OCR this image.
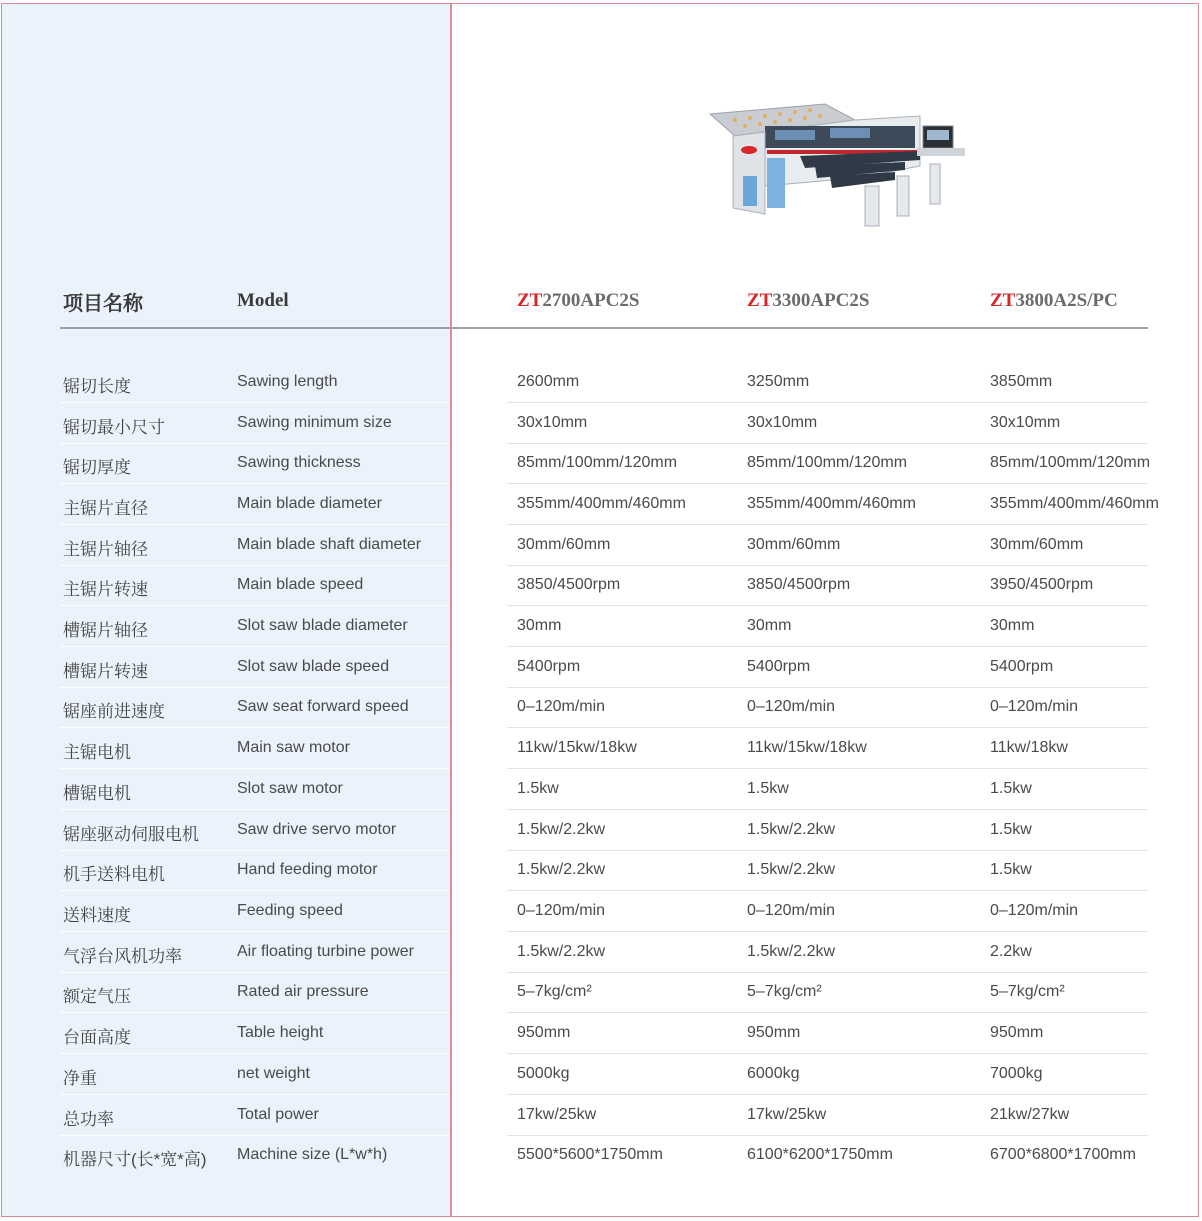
项目名称	Model	ZT2700APC2S	ZT3300APC2S	ZT3800A2S/PC
锯切长度	Sawing length	2600mm	3250mm	3850mm
锯切最小尺寸	Sawing minimum size	30x10mm	30x10mm	30x10mm
锯切厚度	Sawing thickness	85mm/100mm/120mm	85mm/100mm/120mm	85mm/100mm/120mm
主锯片直径	Main blade diameter	355mm/400mm/460mm	355mm/400mm/460mm	355mm/400mm/460mm
主锯片轴径	Main blade shaft diameter	30mm/60mm	30mm/60mm	30mm/60mm
主锯片转速	Main blade speed	3850/4500rpm	3850/4500rpm	3950/4500rpm
槽锯片轴径	Slot saw blade diameter	30mm	30mm	30mm
槽锯片转速	Slot saw blade speed	5400rpm	5400rpm	5400rpm
锯座前进速度	Saw seat forward speed	0–120m/min	0–120m/min	0–120m/min
主锯电机	Main saw motor	11kw/15kw/18kw	11kw/15kw/18kw	11kw/18kw
槽锯电机	Slot saw motor	1.5kw	1.5kw	1.5kw
锯座驱动伺服电机 Saw drive servo motor	1.5kw/2.2kw	1.5kw/2.2kw	1.5kw
机手送料电机	Hand feeding motor	1.5kw/2.2kw	1.5kw/2.2kw	1.5kw
送料速度	Feeding speed	0–120m/min	0–120m/min	0–120m/min
气浮台风机功率	Air floating turbine power	1.5kw/2.2kw	1.5kw/2.2kw	2.2kw
额定气压	Rated air pressure	5–7kg/cm²	5–7kg/cm²	5–7kg/cm²
台面高度	Table height	950mm	950mm	950mm
净重	net weight	5000kg	6000kg	7000kg
总功率	Total power	17kw/25kw	17kw/25kw	21kw/27kw
机器尺寸(长*宽*高) Machine size (L*w*h)	5500*5600*1750mm	6100*6200*1750mm	6700*6800*1700mm
